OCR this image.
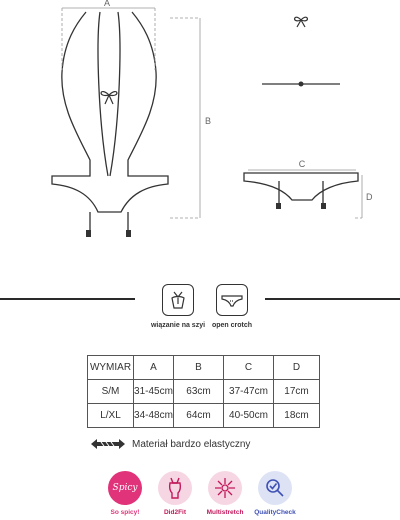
A
B
C
D
wiązanie na szyi open crotch
WYMIAR	A	B	C	D
S/M	31-45cm	63cm	37-47cm	17cm
L/XL	34-48cm	64cm	40-50cm	18cm
Materiał bardzo elastyczny
Spicy
So spicy!	Did2Fit	Multistretch	QualityCheck
